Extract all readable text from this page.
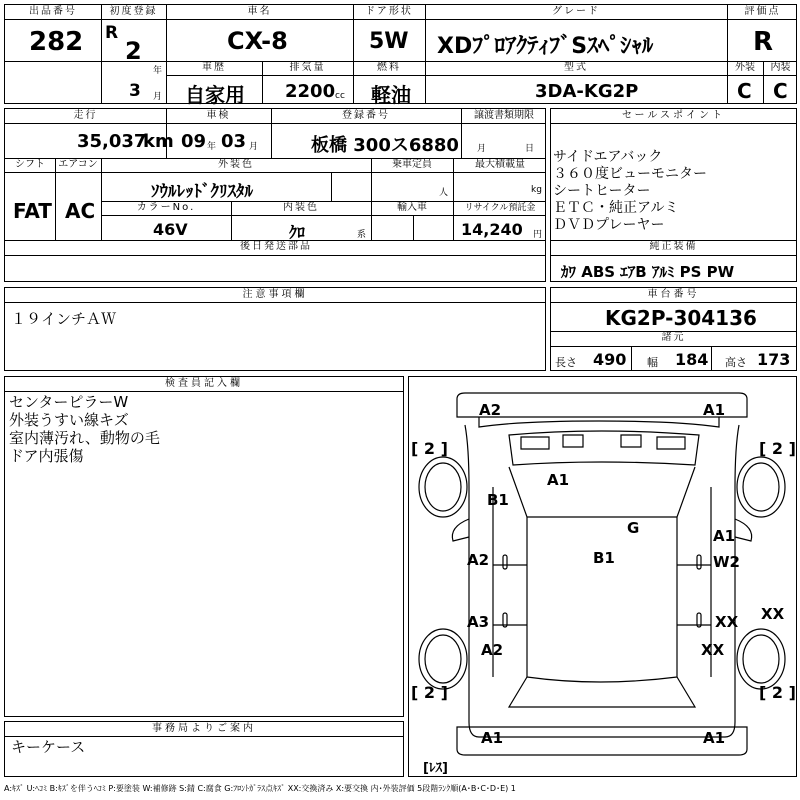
出品番号
282
初度登録
R
2
年
3 月
車名
CX-8
ドア形状
5W
グレード
XDﾌﾟﾛｱｸﾃｨﾌﾞSｽﾍﾟｼｬﾙ
評価点
R
車歴
自家用
排気量
2200 cc
燃料
軽油
型式
3DA-KG2P
外装	内装
C C
走行
35,037
km
車検
09 年 03 月
登録番号
板橋 300ス6880
譲渡書類期限
月	日
シフト
FAT
エアコン
AC
外装色
ｿｳﾙﾚｯﾄﾞｸﾘｽﾀﾙ
乗車定員
人
最大積載量
kg
カラーNo.
46V
内装色
ｸﾛ	系
輸入車	リサイクル預託金
14,240 円
後日発送部品
セールスポイント
サイドエアバック
３６０度ビューモニター
シートヒーター
ＥＴＣ・純正アルミ
ＤＶＤプレーヤー
純正装備
ｶﾜ ABS ｴｱB ｱﾙﾐ PS PW
注意事項欄
１９インチＡＷ
車台番号
KG2P-304136
諸元
長さ 490 幅 184 高さ 173
検査員記入欄
センターピラーW
外装うすい線キズ
室内薄汚れ、動物の毛
ドア内張傷
事務局よりご案内
キーケース
A2	A1
[ 2 ]	[ 2 ]
A1
B1
G	A1
A2	B1	W2
XX
A3	XX
A2	XX
[ 2 ]	[ 2 ]
A1	A1
[ﾚｽ]
A:ｷｽﾞ U:ﾍｺﾐ B:ｷｽﾞを伴うﾍｺﾐ P:要塗装 W:補修跡 S:錆 C:腐食 G:ﾌﾛﾝﾄｶﾞﾗｽ点ｷｽﾞ XX:交換済み X:要交換 内･外装評価 5段階ﾗﾝｸ順(A･B･C･D･E) 1
